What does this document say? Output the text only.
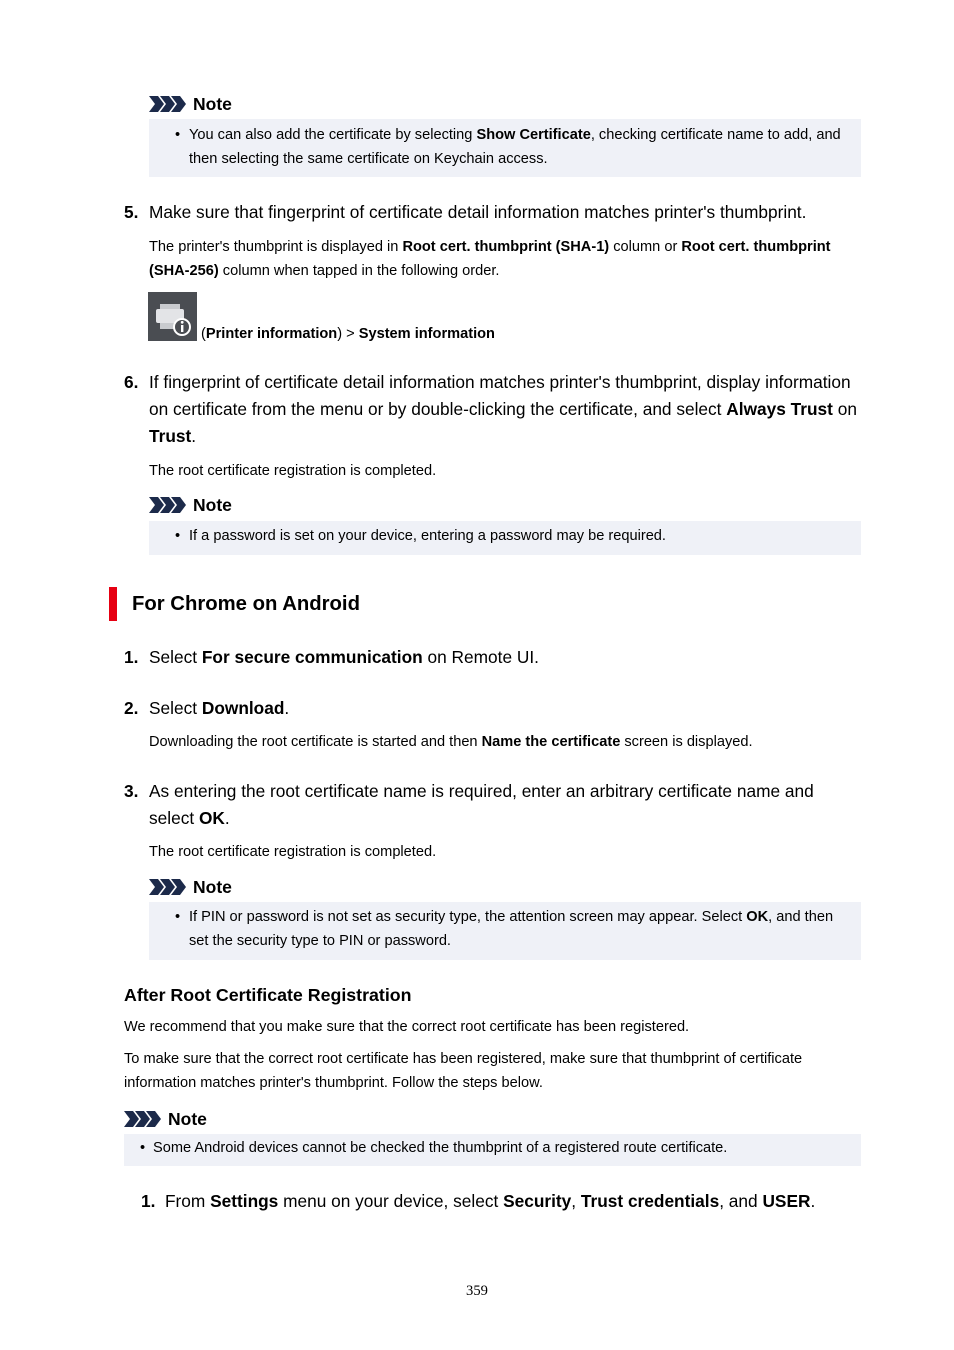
Note
• You can also add the certificate by selecting Show Certificate, checking certificate name to add, and then selecting the same certificate on Keychain access.
5. Make sure that fingerprint of certificate detail information matches printer's thumbprint.
The printer's thumbprint is displayed in Root cert. thumbprint (SHA-1) column or Root cert. thumbprint (SHA-256) column when tapped in the following order.
(Printer information) > System information
6. If fingerprint of certificate detail information matches printer's thumbprint, display information on certificate from the menu or by double-clicking the certificate, and select Always Trust on Trust.
The root certificate registration is completed.
Note
• If a password is set on your device, entering a password may be required.
For Chrome on Android
1. Select For secure communication on Remote UI.
2. Select Download.
Downloading the root certificate is started and then Name the certificate screen is displayed.
3. As entering the root certificate name is required, enter an arbitrary certificate name and select OK.
The root certificate registration is completed.
Note
• If PIN or password is not set as security type, the attention screen may appear. Select OK, and then set the security type to PIN or password.
After Root Certificate Registration
We recommend that you make sure that the correct root certificate has been registered.
To make sure that the correct root certificate has been registered, make sure that thumbprint of certificate information matches printer's thumbprint. Follow the steps below.
Note
• Some Android devices cannot be checked the thumbprint of a registered route certificate.
1. From Settings menu on your device, select Security, Trust credentials, and USER.
359
